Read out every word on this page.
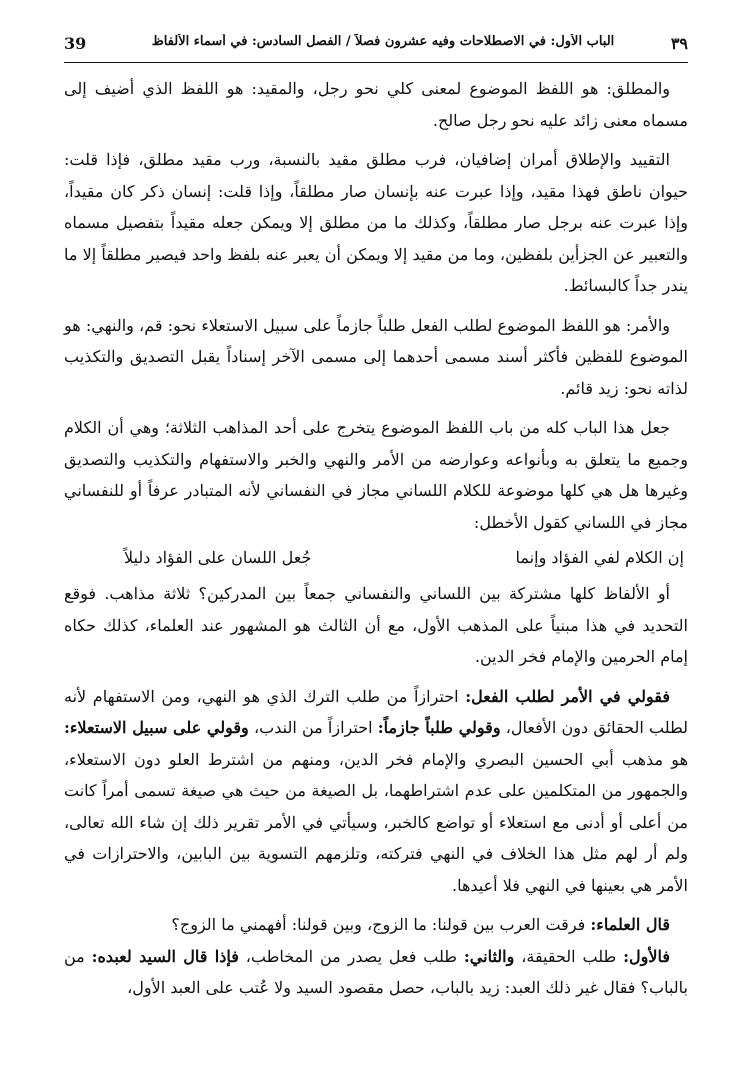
39	الباب الأول: في الاصطلاحات وفيه عشرون فصلاً / الفصل السادس: في أسماء الألفاظ	٣٩

والمطلق: هو اللفظ الموضوع لمعنى كلي نحو رجل، والمقيد: هو اللفظ الذي أضيف إلى مسماه معنى زائد عليه نحو رجل صالح.

التقييد والإطلاق أمران إضافيان، فرب مطلق مقيد بالنسبة، ورب مقيد مطلق، فإذا قلت: حيوان ناطق فهذا مقيد، وإذا عبرت عنه بإنسان صار مطلقاً، وإذا قلت: إنسان ذكر كان مقيداً، وإذا عبرت عنه برجل صار مطلقاً، وكذلك ما من مطلق إلا ويمكن جعله مقيداً بتفصيل مسماه والتعبير عن الجزأين بلفظين، وما من مقيد إلا ويمكن أن يعبر عنه بلفظ واحد فيصير مطلقاً إلا ما يندر جداً كالبسائط.

والأمر: هو اللفظ الموضوع لطلب الفعل طلباً جازماً على سبيل الاستعلاء نحو: قم، والنهي: هو الموضوع للفظين فأكثر أسند مسمى أحدهما إلى مسمى الآخر إسناداً يقبل التصديق والتكذيب لذاته نحو: زيد قائم.

جعل هذا الباب كله من باب اللفظ الموضوع يتخرج على أحد المذاهب الثلاثة؛ وهي أن الكلام وجميع ما يتعلق به وبأنواعه وعوارضه من الأمر والنهي والخبر والاستفهام والتكذيب والتصديق وغيرها هل هي كلها موضوعة للكلام اللساني مجاز في النفساني لأنه المتبادر عرفاً أو للنفساني مجاز في اللساني كقول الأخطل:

إن الكلام لفي الفؤاد وإنما
جُعل اللسان على الفؤاد دليلاً

أو الألفاظ كلها مشتركة بين اللساني والنفساني جمعاً بين المدركين؟ ثلاثة مذاهب. فوقع التحديد في هذا مبنياً على المذهب الأول، مع أن الثالث هو المشهور عند العلماء، كذلك حكاه إمام الحرمين والإمام فخر الدين.

فقولي في الأمر لطلب الفعل: احترازاً من طلب الترك الذي هو النهي، ومن الاستفهام لأنه لطلب الحقائق دون الأفعال، وقولي طلباً جازماً: احترازاً من الندب، وقولي على سبيل الاستعلاء: هو مذهب أبي الحسين البصري والإمام فخر الدين، ومنهم من اشترط العلو دون الاستعلاء، والجمهور من المتكلمين على عدم اشتراطهما، بل الصيغة من حيث هي صيغة تسمى أمراً كانت من أعلى أو أدنى مع استعلاء أو تواضع كالخبر، وسيأتي في الأمر تقرير ذلك إن شاء الله تعالى، ولم أر لهم مثل هذا الخلاف في النهي فتركته، وتلزمهم التسوية بين البابين، والاحترازات في الأمر هي بعينها في النهي فلا أعيدها.

قال العلماء: فرقت العرب بين قولنا: ما الزوج، وبين قولنا: أفهمني ما الزوج؟

فالأول: طلب الحقيقة، والثاني: طلب فعل يصدر من المخاطب، فإذا قال السيد لعبده: من بالباب؟ فقال غير ذلك العبد: زيد بالباب، حصل مقصود السيد ولا عُتب على العبد الأول،
